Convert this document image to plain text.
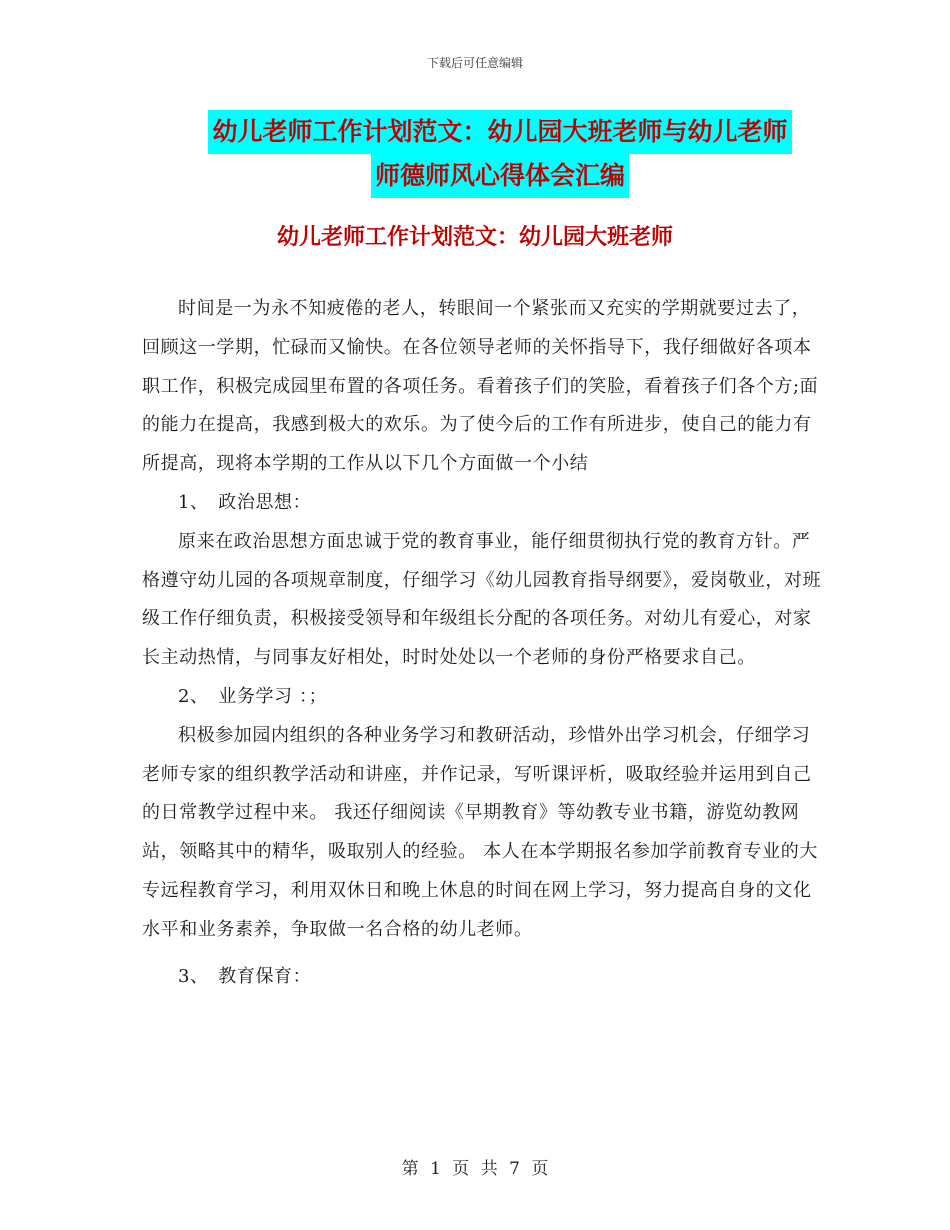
下载后可任意编辑
幼儿老师工作计划范文：幼儿园大班老师与幼儿老师
师德师风心得体会汇编
幼儿老师工作计划范文：幼儿园大班老师

时间是一为永不知疲倦的老人，转眼间一个紧张而又充实的学期就要过去了，回顾这一学期，忙碌而又愉快。在各位领导老师的关怀指导下，我仔细做好各项本职工作，积极完成园里布置的各项任务。看着孩子们的笑脸，看着孩子们各个方;面的能力在提高，我感到极大的欢乐。为了使今后的工作有所进步，使自己的能力有所提高，现将本学期的工作从以下几个方面做一个小结

1、　政治思想：

原来在政治思想方面忠诚于党的教育事业，能仔细贯彻执行党的教育方针。严格遵守幼儿园的各项规章制度，仔细学习《幼儿园教育指导纲要》，爱岗敬业，对班级工作仔细负责，积极接受领导和年级组长分配的各项任务。对幼儿有爱心，对家长主动热情，与同事友好相处，时时处处以一个老师的身份严格要求自己。

2、　业务学习 ：；

积极参加园内组织的各种业务学习和教研活动，珍惜外出学习机会，仔细学习老师专家的组织教学活动和讲座，并作记录，写听课评析，吸取经验并运用到自己的日常教学过程中来。 我还仔细阅读《早期教育》等幼教专业书籍，游览幼教网站，领略其中的精华，吸取别人的经验。 本人在本学期报名参加学前教育专业的大专远程教育学习，利用双休日和晚上休息的时间在网上学习，努力提高自身的文化水平和业务素养，争取做一名合格的幼儿老师。

3、　教育保育：

第 1 页 共 7 页
